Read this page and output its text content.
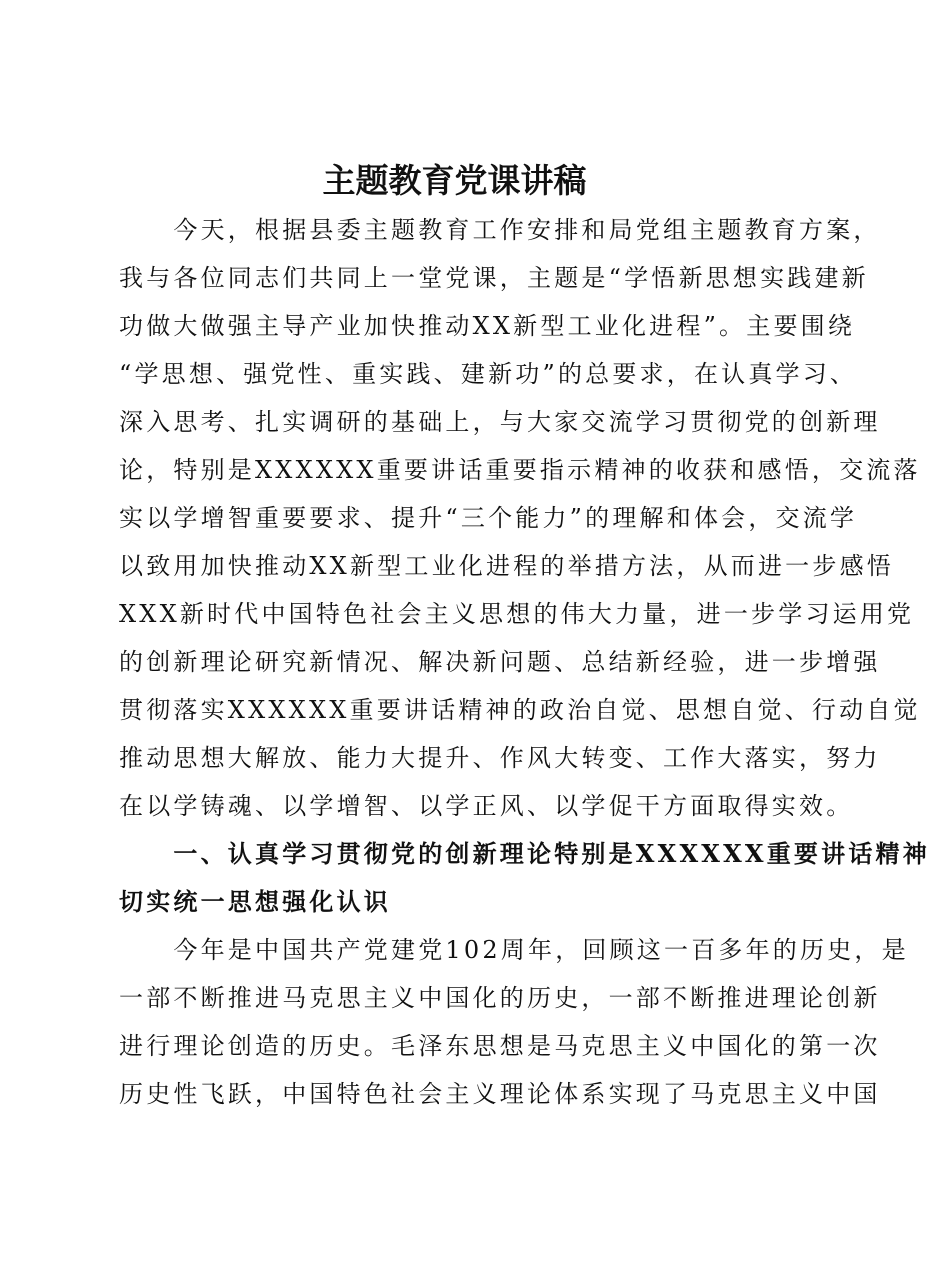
主题教育党课讲稿
　　今天，根据县委主题教育工作安排和局党组主题教育方案，
我与各位同志们共同上一堂党课，主题是“学悟新思想实践建新
功做大做强主导产业加快推动XX新型工业化进程”。主要围绕
“学思想、强党性、重实践、建新功”的总要求，在认真学习、
深入思考、扎实调研的基础上，与大家交流学习贯彻党的创新理
论，特别是XXXXXX重要讲话重要指示精神的收获和感悟，交流落
实以学增智重要要求、提升“三个能力”的理解和体会，交流学
以致用加快推动XX新型工业化进程的举措方法，从而进一步感悟
XXX新时代中国特色社会主义思想的伟大力量，进一步学习运用党
的创新理论研究新情况、解决新问题、总结新经验，进一步增强
贯彻落实XXXXXX重要讲话精神的政治自觉、思想自觉、行动自觉
推动思想大解放、能力大提升、作风大转变、工作大落实，努力
在以学铸魂、以学增智、以学正风、以学促干方面取得实效。
　　一、认真学习贯彻党的创新理论特别是XXXXXX重要讲话精神
切实统一思想强化认识
　　今年是中国共产党建党102周年，回顾这一百多年的历史，是
一部不断推进马克思主义中国化的历史，一部不断推进理论创新
进行理论创造的历史。毛泽东思想是马克思主义中国化的第一次
历史性飞跃，中国特色社会主义理论体系实现了马克思主义中国
